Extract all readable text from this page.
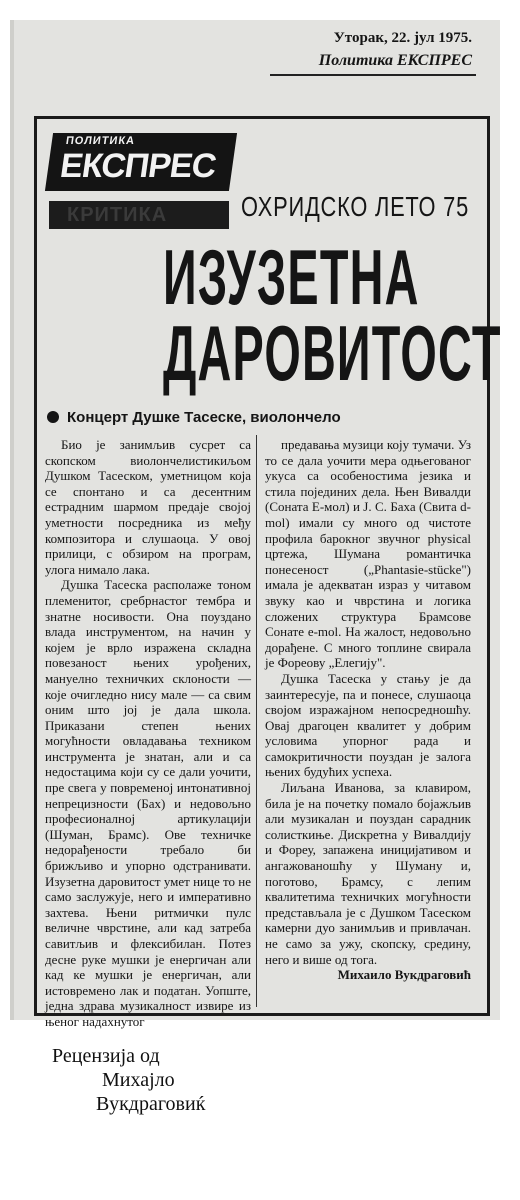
Уторак, 22. јул 1975.
Политика ЕКСПРЕС
ПОЛИТИКА
ЕКСПРЕС
КРИТИКА	ОХРИДСКО ЛЕТО 75
ИЗУЗЕТНА
ДАРОВИТОСТ
Концерт Душке Тасеске, виолончело

Био је занимљив сусрет са скопском виолончелистикиљом Душком Тасеском, уметницом која се спонтано и са десентним естрадним шармом предаје својој уметности посредника из међу композитора и слушаоца. У овој прилици, с обзиром на програм, улога нимало лака.

Душка Тасеска располаже тоном племенитог, сребрнастог тембра и знатне носивости. Она поуздано влада инструментом, на начин у којем је врло изражена складна повезаност њених урођених, мануелно техничких склоности — које очигледно нису мале — са свим оним што јој је дала школа. Приказани степен њених могућности овладавања техником инструмента је знатан, али и са недостацима који су се дали уочити, пре свега у повременој интонативној непрецизности (Бах) и недовољно професионалној артикулацији (Шуман, Брамс). Ове техничке недорађености требало би брижљиво и упорно одстранивати. Изузетна даровитост умет нице то не само заслужује, него и императивно захтева. Њени ритмички пулс величне чврстине, али кад затреба савитљив и флексибилан. Потез десне руке мушки је енергичан али кад ке мушки је енергичан, али истовремено лак и податан. Уопште, једна здрава музикалност извире из њеног надахнутог

предавања музици коју тумачи. Уз то се дала уочити мера одњегованог укуса са особеностима језика и стила појединих дела. Њен Вивалди (Соната Е-мол) и Ј. С. Баха (Свита d-mol) имали су много од чистоте профила барокног звучног physical цртежа, Шумана романтичка понесеност („Phantasie-stücke") имала је адекватан израз у читавом звуку као и чврстина и логика сложених структура Брамсове Сонате е-mol. На жалост, недовољно дорађене. С много топлине свирала је Фореову „Елегију".

Душка Тасеска у стању је да заинтересује, па и понесе, слушаоца својом изражајном непосредношћу. Овај драгоцен квалитет у добрим условима упорног рада и самокритичности поуздан је залога њених будућих успеха.

Лиљана Иванова, за клавиром, била је на почетку помало бојажљив али музикалан и поуздан сарадник солисткиње. Дискретна у Вивалдију и Фореу, запажена иницијативом и ангажованошћу у Шуману и, поготово, Брамсу, с лепим квалитетима техничких могућности представљала је с Душком Тасеском камерни дуо занимљив и привлачан. не само за ужу, скопску, средину, него и више од тога.

Михаило Вукдраговић

Рецензија од
Михајло
Вукдраговиќ
